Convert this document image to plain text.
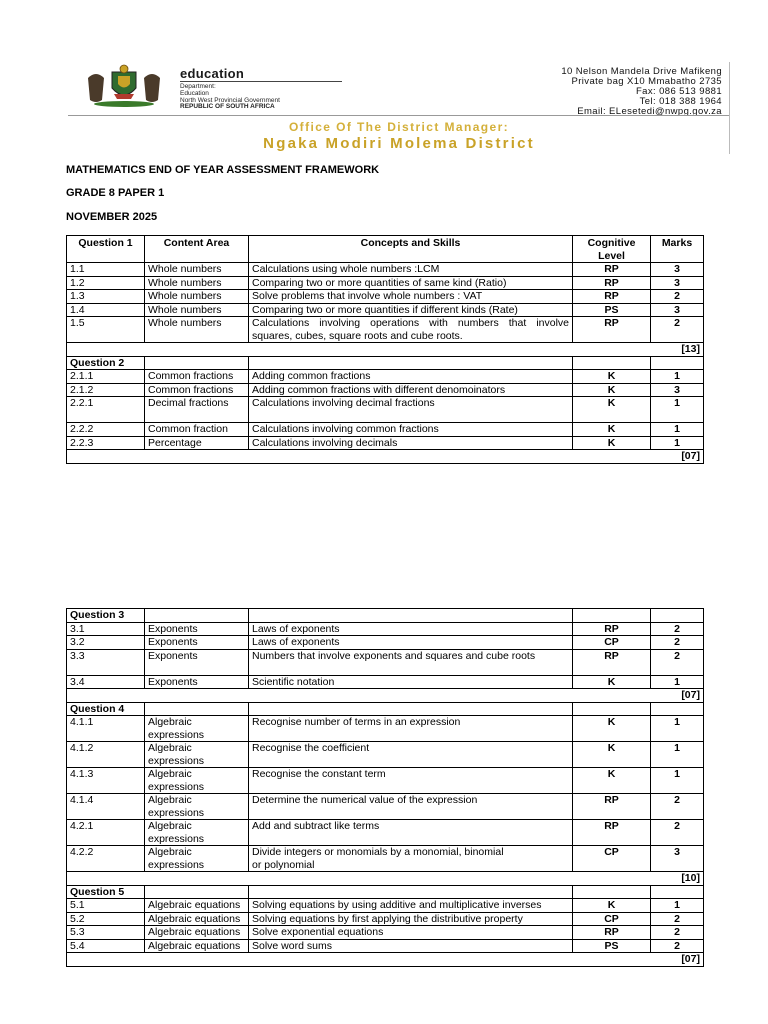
education
Department:
Education
North West Provincial Government
REPUBLIC OF SOUTH AFRICA
10 Nelson Mandela Drive Mafikeng
Private bag X10 Mmabatho 2735
Fax: 086 513 9881
Tel: 018 388 1964
Email: ELesetedi@nwpg.gov.za
Office Of The District Manager:
Ngaka Modiri Molema District
MATHEMATICS END OF YEAR ASSESSMENT FRAMEWORK
GRADE 8 PAPER 1
NOVEMBER 2025
Question 1	Content Area	Concepts and Skills	Cognitive Level	Marks
1.1	Whole numbers	Calculations using whole numbers :LCM	RP	3
1.2	Whole numbers	Comparing two or more quantities of same kind (Ratio)	RP	3
1.3	Whole numbers	Solve problems that involve whole numbers : VAT	RP	2
1.4	Whole numbers	Comparing two or more quantities if different kinds (Rate)	PS	3
1.5	Whole numbers	Calculations involving operations with numbers that involve squares, cubes, square roots and cube roots.	RP	2
[13]				
Question 2				
2.1.1	Common fractions	Adding common fractions	K	1
2.1.2	Common fractions	Adding common fractions with different denomoinators	K	3
2.2.1	Decimal fractions	Calculations involving decimal fractions	K	1
2.2.2	Common fraction	Calculations involving common fractions	K	1
2.2.3	Percentage	Calculations involving decimals	K	1
[07]				
Question 3				
3.1	Exponents	Laws of exponents	RP	2
3.2	Exponents	Laws of exponents	CP	2
3.3	Exponents	Numbers that involve exponents and squares and cube roots	RP	2
3.4	Exponents	Scientific notation	K	1
[07]				
Question 4				
4.1.1	Algebraic expressions	Recognise number of terms in an expression	K	1
4.1.2	Algebraic expressions	Recognise the coefficient	K	1
4.1.3	Algebraic expressions	Recognise the constant term	K	1
4.1.4	Algebraic expressions	Determine the numerical value of the expression	RP	2
4.2.1	Algebraic expressions	Add and subtract like terms	RP	2
4.2.2	Algebraic expressions	Divide integers or monomials by a monomial, binomial
or polynomial	CP	3
[10]				
Question 5				
5.1	Algebraic equations	Solving equations by using additive and multiplicative inverses	K	1
5.2	Algebraic equations	Solving equations by first applying the distributive property	CP	2
5.3	Algebraic equations	Solve exponential equations	RP	2
5.4	Algebraic equations	Solve word sums	PS	2
[07]				
